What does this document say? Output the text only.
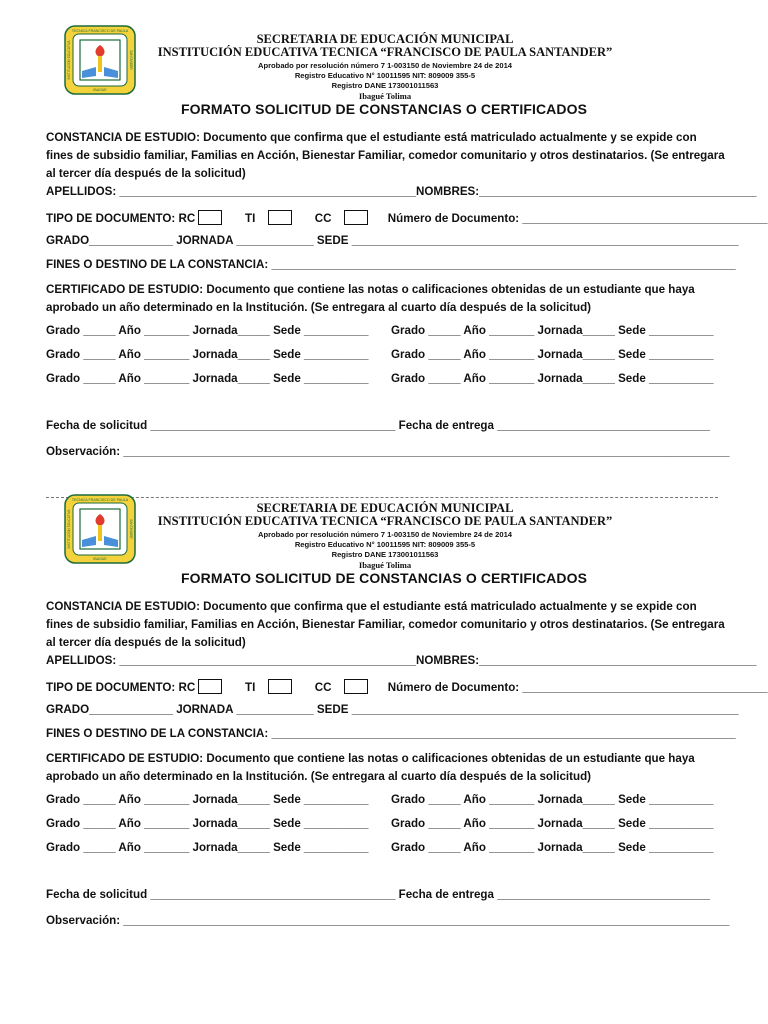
TECNICA FRANCISCO DE PAULA
INSTITUCION EDUCATIVA	SANTANDER
IBAGUE
SECRETARIA DE EDUCACIÓN MUNICIPAL
INSTITUCIÓN EDUCATIVA TECNICA “FRANCISCO DE PAULA SANTANDER”
Aprobado por resolución número 7 1-003150 de Noviembre 24 de 2014
Registro Educativo N° 10011595 NIT: 809009 355-5
Registro DANE 173001011563
Ibagué Tolima
FORMATO SOLICITUD DE CONSTANCIAS O CERTIFICADOS
CONSTANCIA DE ESTUDIO: Documento que confirma que el estudiante está matriculado actualmente y se expide con fines de subsidio familiar, Familias en Acción, Bienestar Familiar, comedor comunitario y otros destinatarios. (Se entregara al tercer día después de la solicitud)
APELLIDOS: ______________________________________________NOMBRES:___________________________________________
TIPO DE DOCUMENTO: RC	TI	CC	Número de Documento: ______________________________________
GRADO_____________ JORNADA ____________ SEDE ____________________________________________________________
FINES O DESTINO DE LA CONSTANCIA: ________________________________________________________________________
CERTIFICADO DE ESTUDIO: Documento que contiene las notas o calificaciones obtenidas de un estudiante que haya aprobado un año determinado en la Institución. (Se entregara al cuarto día después de la solicitud)
Grado _____ Año _______ Jornada_____ Sede __________ Grado _____ Año _______ Jornada_____ Sede __________
Grado _____ Año _______ Jornada_____ Sede __________ Grado _____ Año _______ Jornada_____ Sede __________
Grado _____ Año _______ Jornada_____ Sede __________ Grado _____ Año _______ Jornada_____ Sede __________
Fecha de solicitud ______________________________________ Fecha de entrega _________________________________
Observación: ______________________________________________________________________________________________
TECNICA FRANCISCO DE PAULA
INSTITUCION EDUCATIVA	SANTANDER
IBAGUE
SECRETARIA DE EDUCACIÓN MUNICIPAL
INSTITUCIÓN EDUCATIVA TECNICA “FRANCISCO DE PAULA SANTANDER”
Aprobado por resolución número 7 1-003150 de Noviembre 24 de 2014
Registro Educativo N° 10011595 NIT: 809009 355-5
Registro DANE 173001011563
Ibagué Tolima
FORMATO SOLICITUD DE CONSTANCIAS O CERTIFICADOS
CONSTANCIA DE ESTUDIO: Documento que confirma que el estudiante está matriculado actualmente y se expide con fines de subsidio familiar, Familias en Acción, Bienestar Familiar, comedor comunitario y otros destinatarios. (Se entregara al tercer día después de la solicitud)
APELLIDOS: ______________________________________________NOMBRES:___________________________________________
TIPO DE DOCUMENTO: RC	TI	CC	Número de Documento: ______________________________________
GRADO_____________ JORNADA ____________ SEDE ____________________________________________________________
FINES O DESTINO DE LA CONSTANCIA: ________________________________________________________________________
CERTIFICADO DE ESTUDIO: Documento que contiene las notas o calificaciones obtenidas de un estudiante que haya aprobado un año determinado en la Institución. (Se entregara al cuarto día después de la solicitud)
Grado _____ Año _______ Jornada_____ Sede __________ Grado _____ Año _______ Jornada_____ Sede __________
Grado _____ Año _______ Jornada_____ Sede __________ Grado _____ Año _______ Jornada_____ Sede __________
Grado _____ Año _______ Jornada_____ Sede __________ Grado _____ Año _______ Jornada_____ Sede __________
Fecha de solicitud ______________________________________ Fecha de entrega _________________________________
Observación: ______________________________________________________________________________________________
